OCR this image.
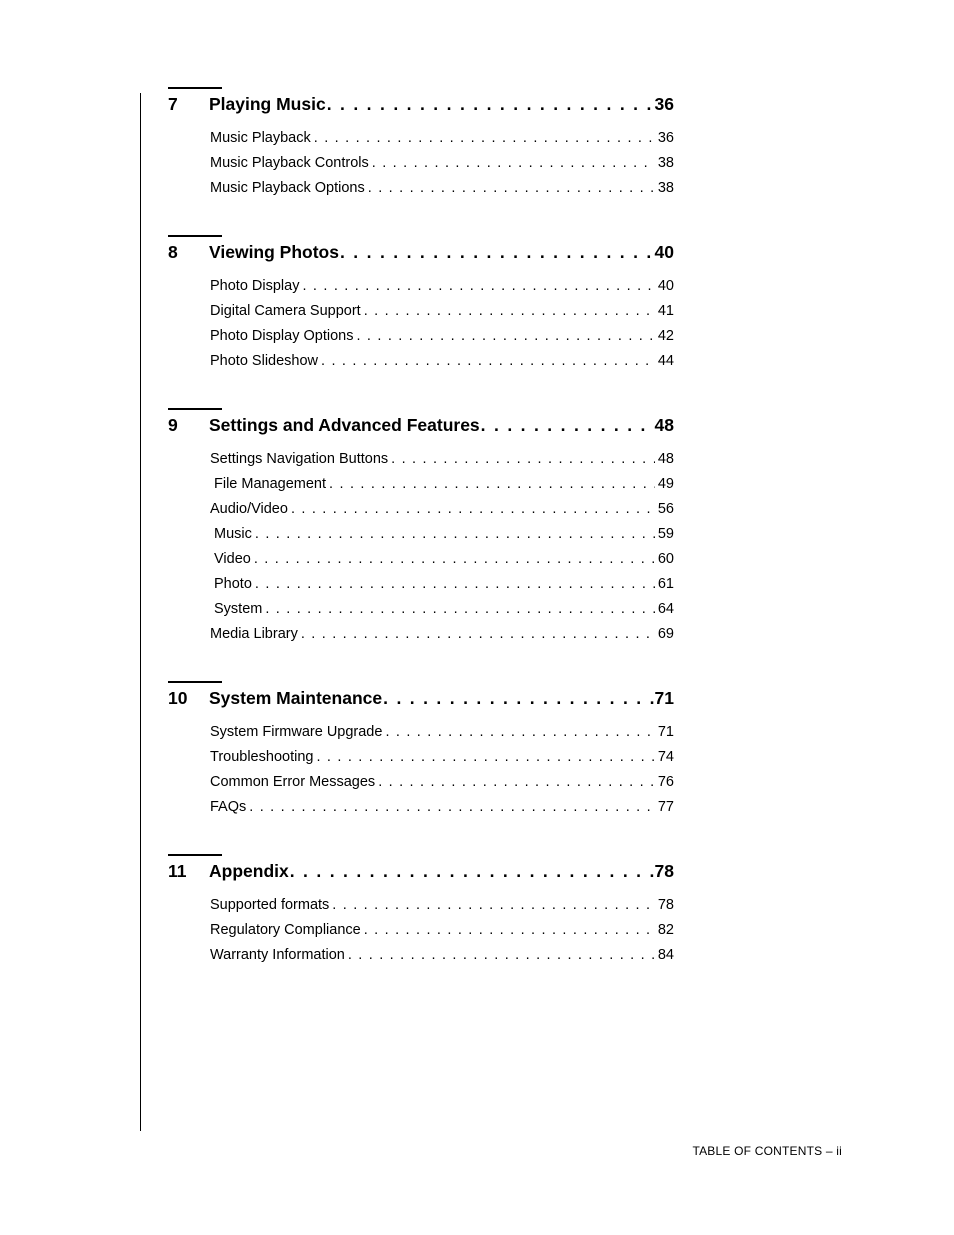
7	Playing Music . . .	36
Music Playback . . .	36
Music Playback Controls . . .	38
Music Playback Options . . .	38
8	Viewing Photos . . .	40
Photo Display . . .	40
Digital Camera Support . . .	41
Photo Display Options . . .	42
Photo Slideshow . . .	44
9	Settings and Advanced Features . . .	48
Settings Navigation Buttons . . .	48
File Management . . .	49
Audio/Video . . .	56
Music . . .	59
Video . . .	60
Photo . . .	61
System . . .	64
Media Library . . .	69
10	System Maintenance . . .	71
System Firmware Upgrade . . .	71
Troubleshooting . . .	74
Common Error Messages . . .	76
FAQs . . .	77
11	Appendix . . .	78
Supported formats . . .	78
Regulatory Compliance . . .	82
Warranty Information . . .	84
TABLE OF CONTENTS – ii
